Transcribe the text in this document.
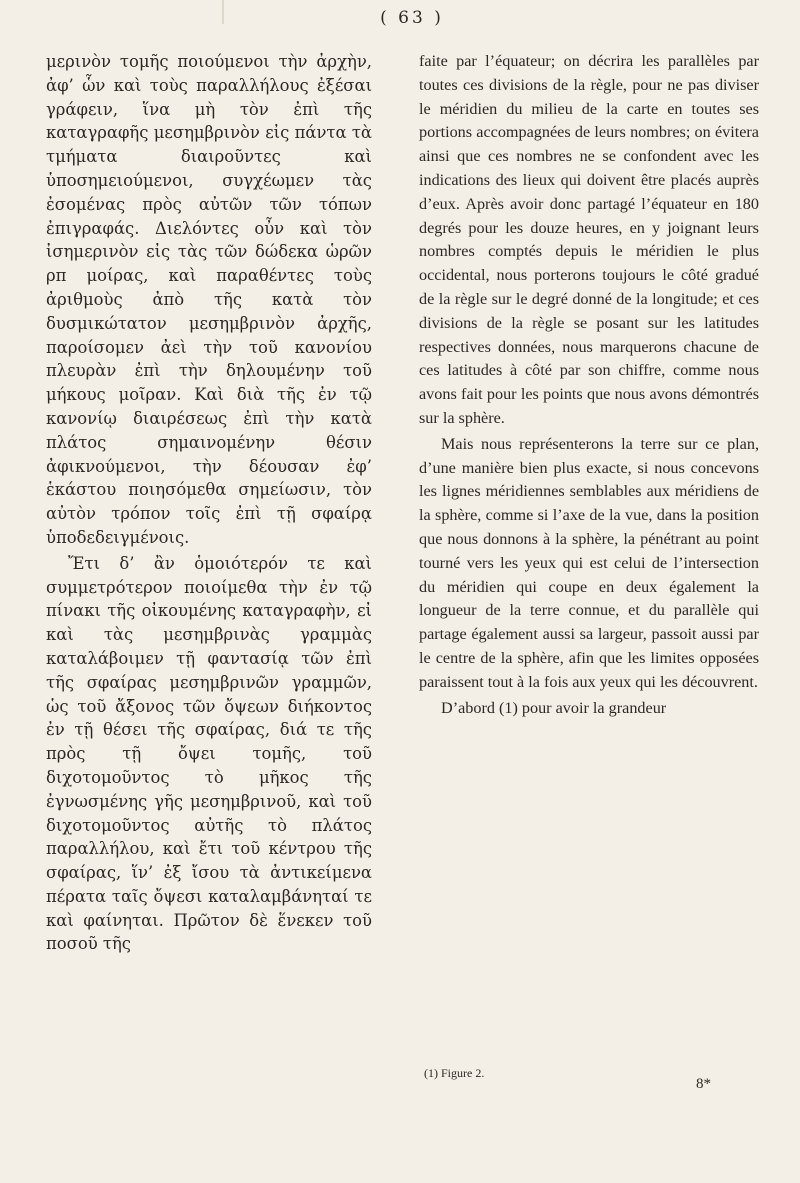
( 63 )

μερινὸν τομῆς ποιούμενοι τὴν ἀρχὴν, ἀφ’ ὧν καὶ τοὺς παραλλήλους ἐξέσαι γράφειν, ἵνα μὴ τὸν ἐπὶ τῆς καταγραφῆς μεσημβρινὸν εἰς πάντα τὰ τμήματα διαιροῦντες καὶ ὑποσημειούμενοι, συγχέωμεν τὰς ἐσομένας πρὸς αὐτῶν τῶν τόπων ἐπιγραφάς. Διελόντες οὖν καὶ τὸν ἰσημερινὸν εἰς τὰς τῶν δώδεκα ὡρῶν ρπ μοίρας, καὶ παραθέντες τοὺς ἀριθμοὺς ἀπὸ τῆς κατὰ τὸν δυσμικώτατον μεσημβρινὸν ἀρχῆς, παροίσομεν ἀεὶ τὴν τοῦ κανονίου πλευρὰν ἐπὶ τὴν δηλουμένην τοῦ μήκους μοῖραν. Καὶ διὰ τῆς ἐν τῷ κανονίῳ διαιρέσεως ἐπὶ τὴν κατὰ πλάτος σημαινομένην θέσιν ἀφικνούμενοι, τὴν δέουσαν ἐφ’ ἑκάστου ποιησόμεθα σημείωσιν, τὸν αὐτὸν τρόπον τοῖς ἐπὶ τῇ σφαίρᾳ ὑποδεδειγμένοις.

Ἔτι δ’ ἂν ὁμοιότερόν τε καὶ συμμετρότερον ποιοίμεθα τὴν ἐν τῷ πίνακι τῆς οἰκουμένης καταγραφὴν, εἰ καὶ τὰς μεσημβρινὰς γραμμὰς καταλάβοιμεν τῇ φαντασίᾳ τῶν ἐπὶ τῆς σφαίρας μεσημβρινῶν γραμμῶν, ὡς τοῦ ἄξονος τῶν ὄψεων διήκοντος ἐν τῇ θέσει τῆς σφαίρας, διά τε τῆς πρὸς τῇ ὄψει τομῆς, τοῦ διχοτομοῦντος τὸ μῆκος τῆς ἐγνωσμένης γῆς μεσημβρινοῦ, καὶ τοῦ διχοτομοῦντος αὐτῆς τὸ πλάτος παραλλήλου, καὶ ἔτι τοῦ κέντρου τῆς σφαίρας, ἵν’ ἐξ ἴσου τὰ ἀντικείμενα πέρατα ταῖς ὄψεσι καταλαμβάνηταί τε καὶ φαίνηται. Πρῶτον δὲ ἕνεκεν τοῦ ποσοῦ τῆς

faite par l’équateur; on décrira les parallèles par toutes ces divisions de la règle, pour ne pas diviser le méridien du milieu de la carte en toutes ses portions accompagnées de leurs nombres; on évitera ainsi que ces nombres ne se confondent avec les indications des lieux qui doivent être placés auprès d’eux. Après avoir donc partagé l’équateur en 180 degrés pour les douze heures, en y joignant leurs nombres comptés depuis le méridien le plus occidental, nous porterons toujours le côté gradué de la règle sur le degré donné de la longitude; et ces divisions de la règle se posant sur les latitudes respectives données, nous marquerons chacune de ces latitudes à côté par son chiffre, comme nous avons fait pour les points que nous avons démontrés sur la sphère.

Mais nous représenterons la terre sur ce plan, d’une manière bien plus exacte, si nous concevons les lignes méridiennes semblables aux méridiens de la sphère, comme si l’axe de la vue, dans la position que nous donnons à la sphère, la pénétrant au point tourné vers les yeux qui est celui de l’intersection du méridien qui coupe en deux également la longueur de la terre connue, et du parallèle qui partage également aussi sa largeur, passoit aussi par le centre de la sphère, afin que les limites opposées paraissent tout à la fois aux yeux qui les découvrent.

D’abord (1) pour avoir la grandeur

(1) Figure 2.
8*
